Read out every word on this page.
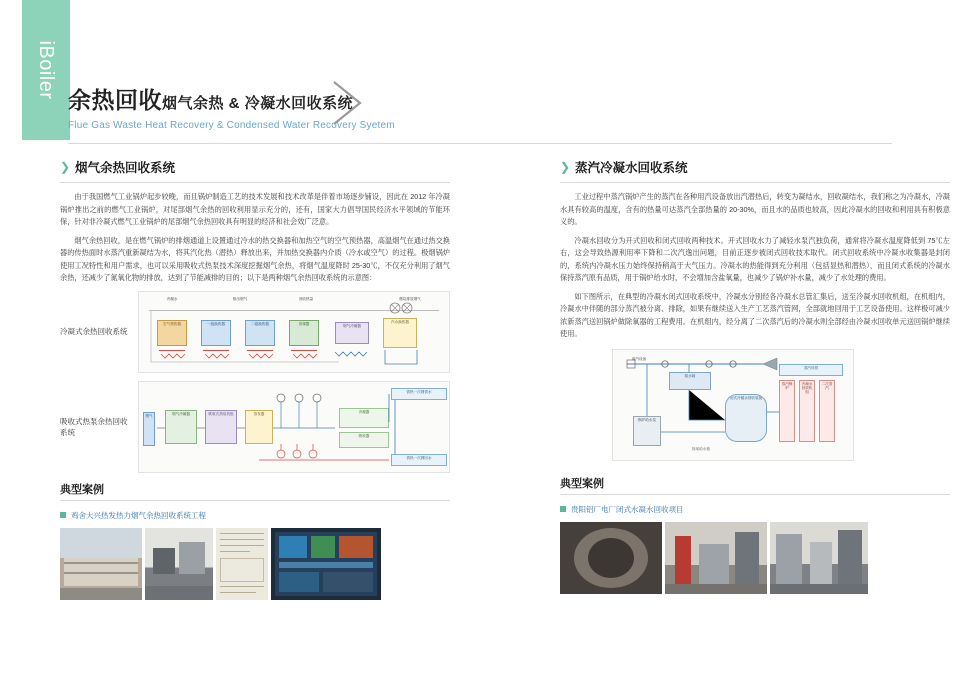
iBoiler
余热回收烟气余热 & 冷凝水回收系统
Flue Gas Waste Heat Recovery & Condensed Water Recovery Syetem
❯ 烟气余热回收系统

由于我国燃气工业锅炉起步较晚，而且锅炉制造工艺的技术发展和技术改革是伴着市场逐步铺设，因此在 2012 年冷凝锅炉推出之前的燃气工业锅炉，对尾部烟气余热的回收利用显示充分的，还有，国家大力倡导国民经济水平领域的节能环保，针对非冷凝式燃气工业锅炉的尾部烟气余热回收具有明显的经济和社会效广泛意。

烟气余热回收，是在燃气锅炉的排烟通道上设置通过冷水的热交换器和加热空气的空气预热器，高温烟气在通过热交换器的传热面时水蒸汽重新凝结为水，将其汽化热（潜热）释放出来，并加热交换器内介质（冷水或空气）的过程。极烟锅炉使用工况特性和用户需求，也可以采用吸收式热泵技术深度挖掘烟气余热，将烟气温度降时 25-30℃，不仅充分利用了烟气余热，还减少了氮氧化物的排放，达到了节能减排的目的；以下是两种烟气余热回收系统的示意图：

冷凝式余热回收系统
冷凝水	排出烟气	回收热量	燃烧排放烟气
空气预热器	一级换热器	二级换热器	省煤器	烟气冷凝器
汽水换热器
吸收式热泵余热回收系统
烟气	烟气冷凝器	吸收式热泵机组	蒸发器	冷凝器
吸收器
供热一次网供水
供热一次网回水
典型案例
鸡舍大兴热发热力烟气余热回收系统工程
❯ 蒸汽冷凝水回收系统

工业过程中蒸汽锅炉产生的蒸汽在各种用汽设备放出汽潜热后，转变为凝结水，回收凝结水，我们称之为冷凝水，冷凝水具有较高的温度，含有的热量可达蒸汽全部热量的 20-30%，而且水的品质也较高，因此冷凝水的回收和利用具有积极意义的。

冷凝水回收分为开式回收和闭式回收两种技术。开式回收水力了减轻水泵汽独负荷，通常将冷凝水温度降低到 75℃左右，这会导致热源利用率下降和二次汽逸出问题，目前正逐步被闭式回收技术取代。闭式回收系统中冷凝水收集器是封闭的，系统内冷凝水压力始终保持稍高于大气压力。冷凝水的热能得到充分利用（包括显热和潜热），而且闭式系统的冷凝水保持蒸汽原有品质，用于锅炉给水时，不会增加含盐氧量，也减少了锅炉补水量，减少了水处理的费用。

如下图所示，在典型的冷凝水闭式回收系统中，冷凝水分别经各冷凝水总管汇集后，送至冷凝水回收机组，在机组内，冷凝水中伴随的部分蒸汽被分离、排除，如果有继续送入生产工艺蒸汽管网，全部就地回用于工艺设备使用。这样极可减少浓新蒸汽送回锅炉做除氧器的工程费用。在机组内，经分离了二次蒸汽后的冷凝水则全部经由冷凝水回收单元送回锅炉继续使用。

用汽设备
疏水阀
锅炉给水泵
闭式冷凝水回收装置
蒸汽母管
蒸汽锅炉
冷凝水回收机组
二次蒸汽
除氧给水箱
典型案例
贵阳铝厂电厂闭式水凝水回收项目
